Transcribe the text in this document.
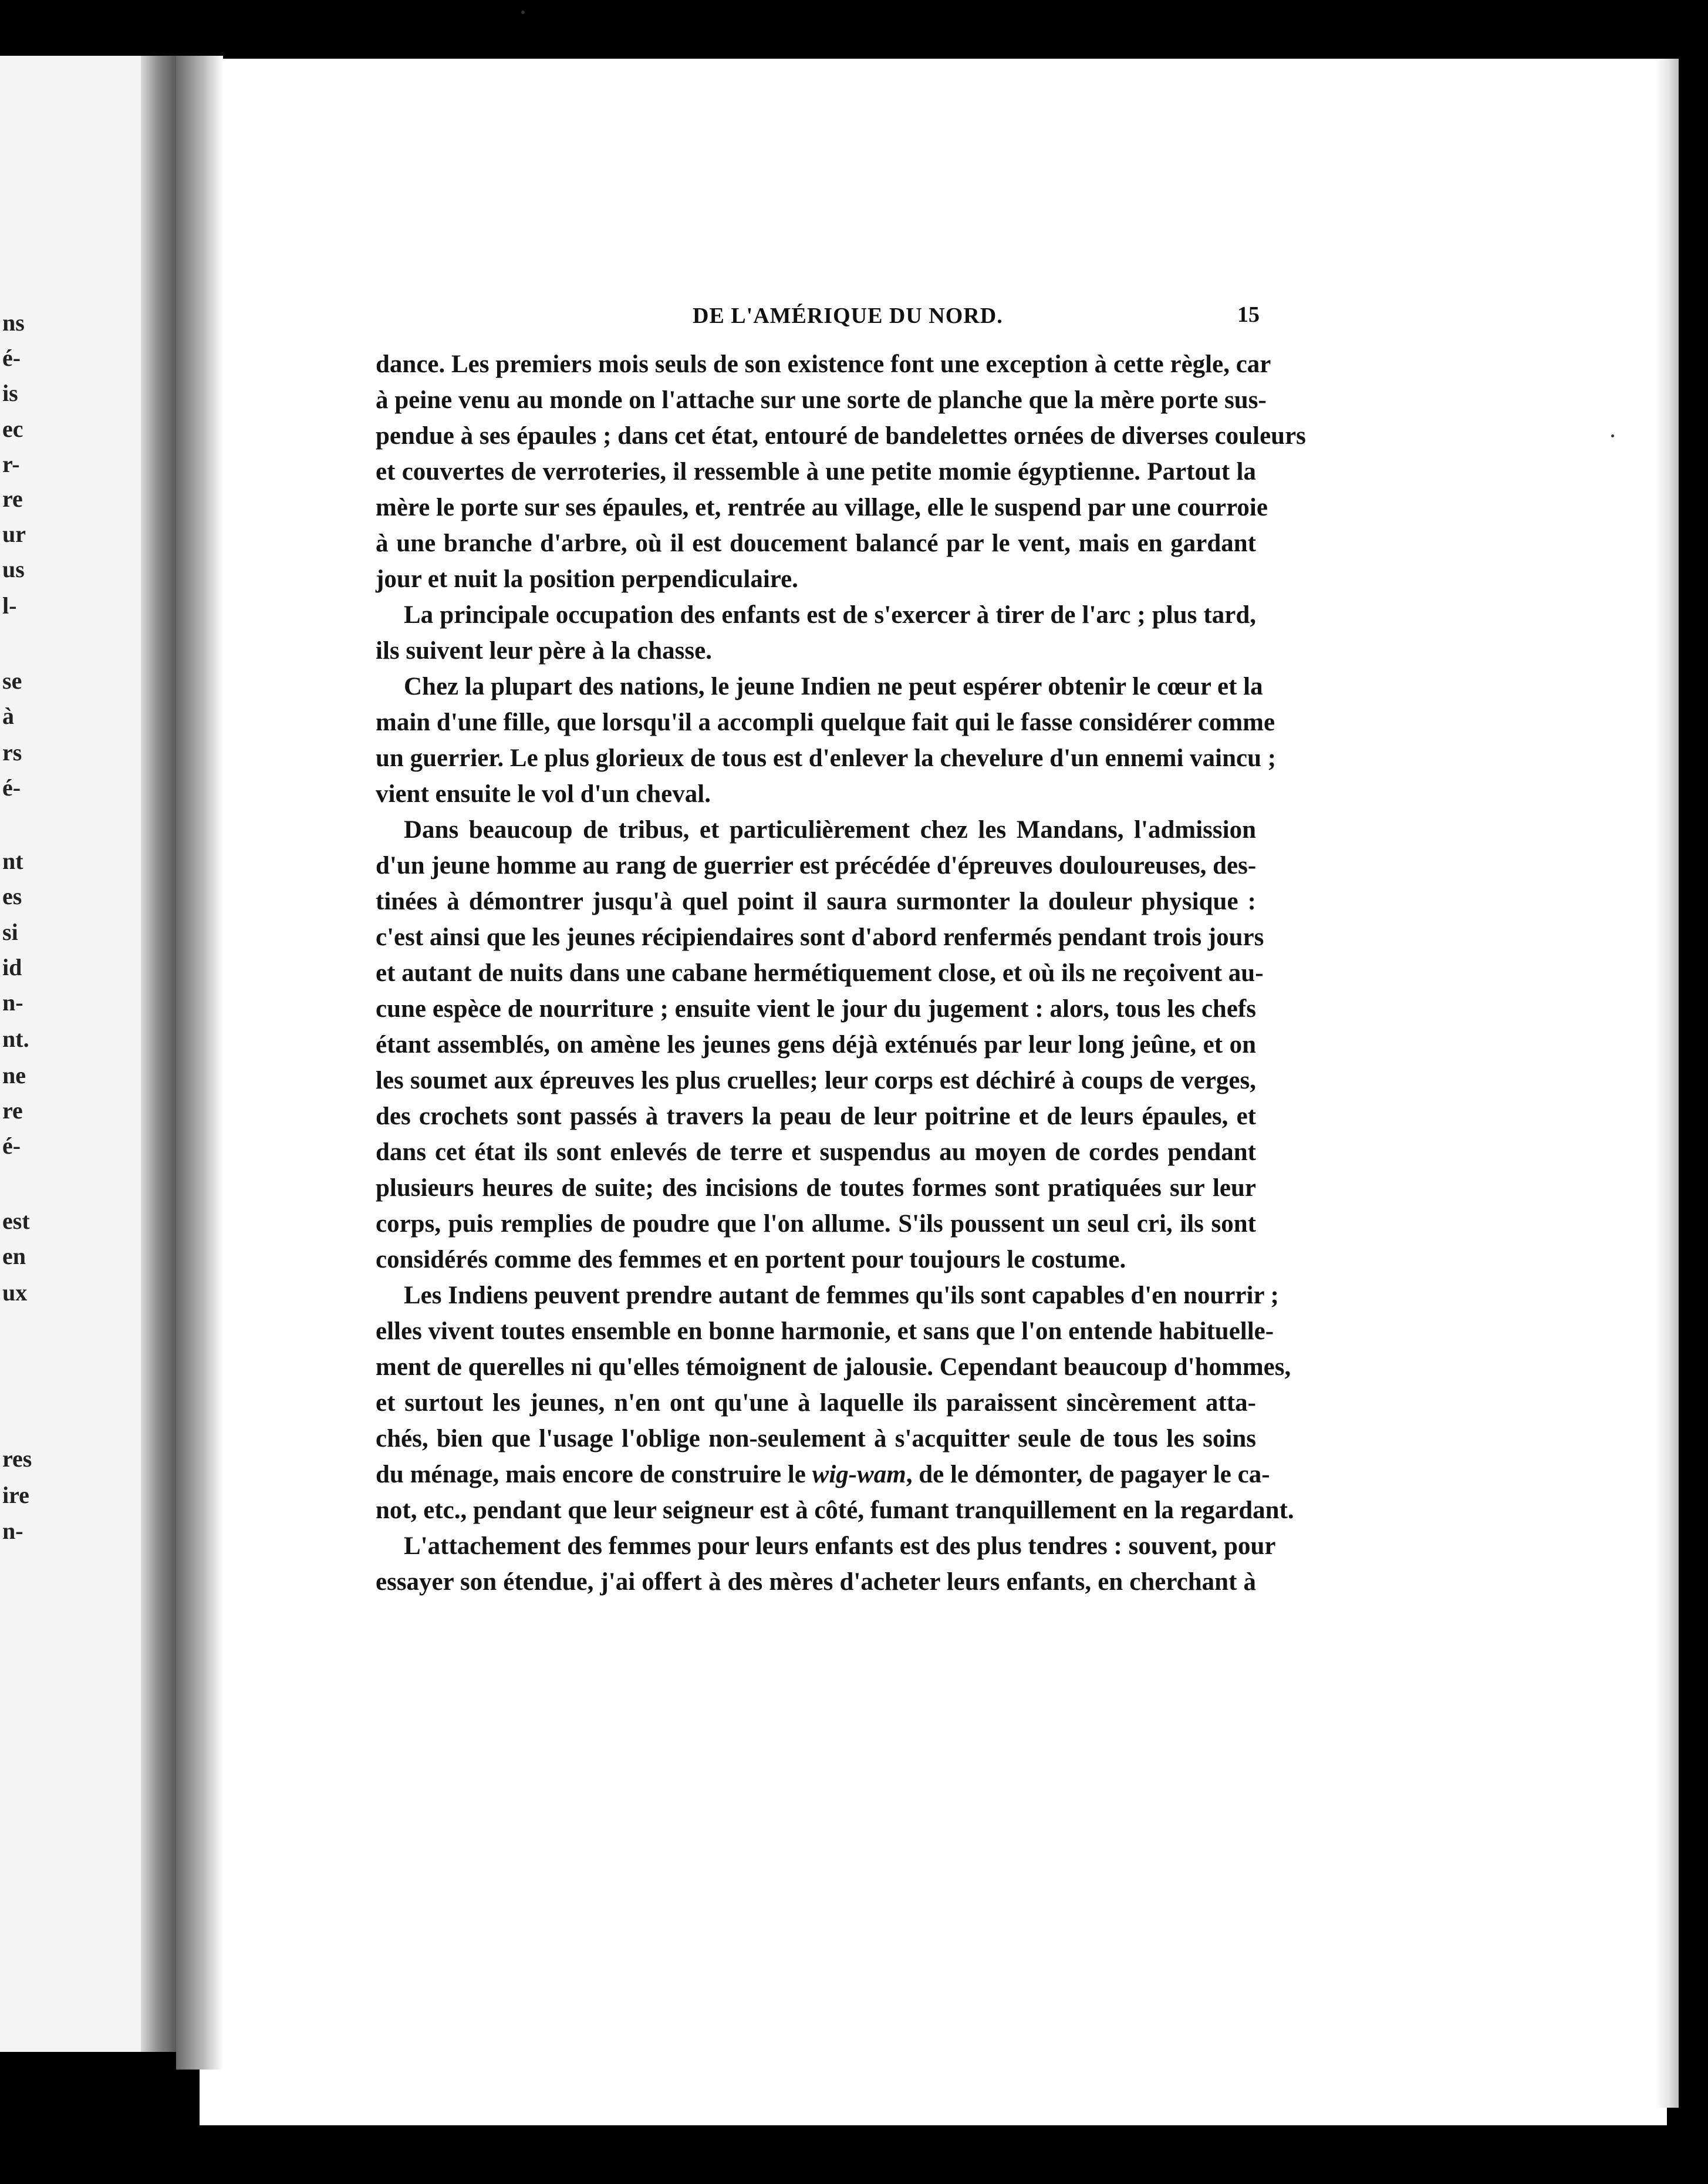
ns
é-
is
ec
r-
re
ur
us
l-
se
à
rs
é-
nt
es
si
id
n-
nt.
ne
re
é-
est
en
ux
res
ire
n-
DE L'AMÉRIQUE DU NORD.	15
dance. Les premiers mois seuls de son existence font une exception à cette règle, car
à peine venu au monde on l'attache sur une sorte de planche que la mère porte sus-
pendue à ses épaules ; dans cet état, entouré de bandelettes ornées de diverses couleurs
et couvertes de verroteries, il ressemble à une petite momie égyptienne. Partout la
mère le porte sur ses épaules, et, rentrée au village, elle le suspend par une courroie
à une branche d'arbre, où il est doucement balancé par le vent, mais en gardant
jour et nuit la position perpendiculaire.
La principale occupation des enfants est de s'exercer à tirer de l'arc ; plus tard,
ils suivent leur père à la chasse.
Chez la plupart des nations, le jeune Indien ne peut espérer obtenir le cœur et la
main d'une fille, que lorsqu'il a accompli quelque fait qui le fasse considérer comme
un guerrier. Le plus glorieux de tous est d'enlever la chevelure d'un ennemi vaincu ;
vient ensuite le vol d'un cheval.
Dans beaucoup de tribus, et particulièrement chez les Mandans, l'admission
d'un jeune homme au rang de guerrier est précédée d'épreuves douloureuses, des-
tinées à démontrer jusqu'à quel point il saura surmonter la douleur physique :
c'est ainsi que les jeunes récipiendaires sont d'abord renfermés pendant trois jours
et autant de nuits dans une cabane hermétiquement close, et où ils ne reçoivent au-
cune espèce de nourriture ; ensuite vient le jour du jugement : alors, tous les chefs
étant assemblés, on amène les jeunes gens déjà exténués par leur long jeûne, et on
les soumet aux épreuves les plus cruelles; leur corps est déchiré à coups de verges,
des crochets sont passés à travers la peau de leur poitrine et de leurs épaules, et
dans cet état ils sont enlevés de terre et suspendus au moyen de cordes pendant
plusieurs heures de suite; des incisions de toutes formes sont pratiquées sur leur
corps, puis remplies de poudre que l'on allume. S'ils poussent un seul cri, ils sont
considérés comme des femmes et en portent pour toujours le costume.
Les Indiens peuvent prendre autant de femmes qu'ils sont capables d'en nourrir ;
elles vivent toutes ensemble en bonne harmonie, et sans que l'on entende habituelle-
ment de querelles ni qu'elles témoignent de jalousie. Cependant beaucoup d'hommes,
et surtout les jeunes, n'en ont qu'une à laquelle ils paraissent sincèrement atta-
chés, bien que l'usage l'oblige non-seulement à s'acquitter seule de tous les soins
du ménage, mais encore de construire le wig-wam, de le démonter, de pagayer le ca-
not, etc., pendant que leur seigneur est à côté, fumant tranquillement en la regardant.
L'attachement des femmes pour leurs enfants est des plus tendres : souvent, pour
essayer son étendue, j'ai offert à des mères d'acheter leurs enfants, en cherchant à
